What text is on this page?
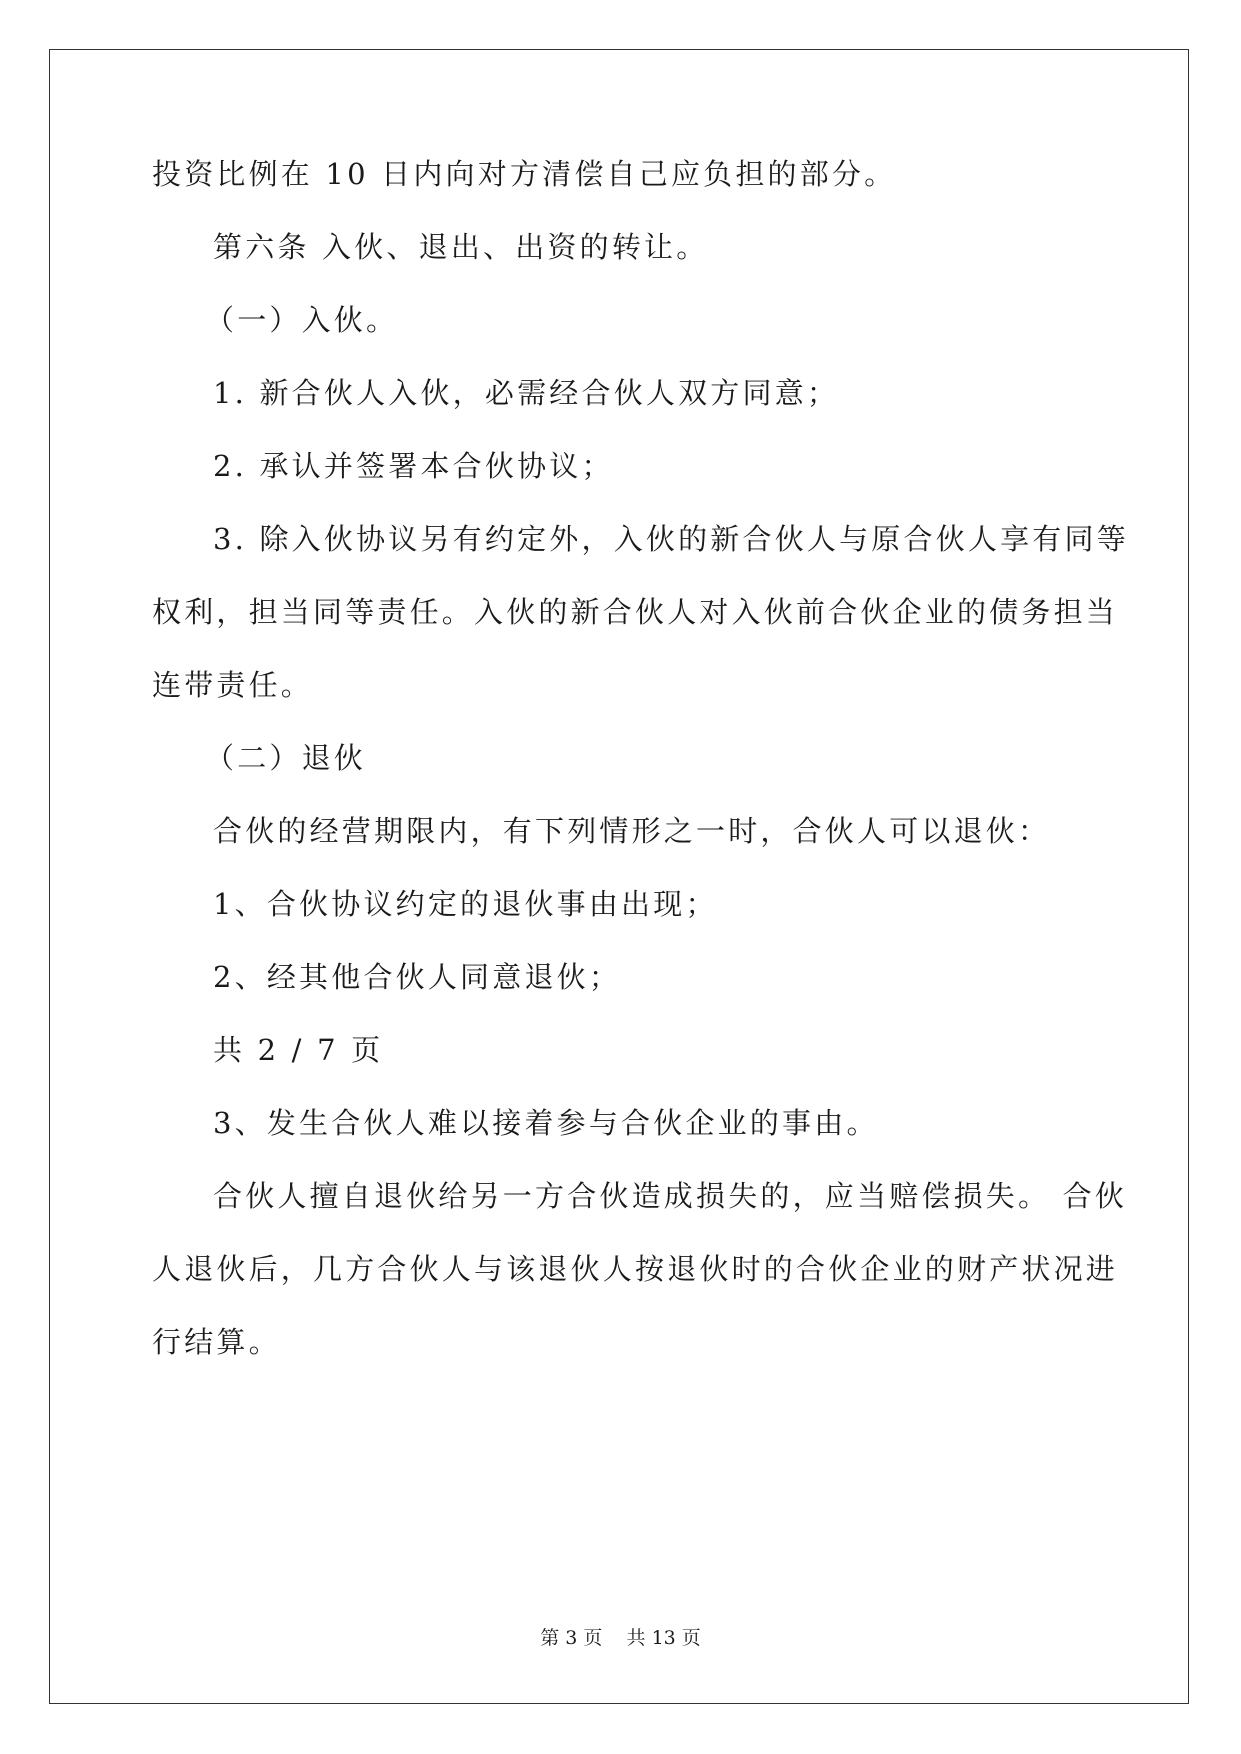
投资比例在 10 日内向对方清偿自己应负担的部分。
第六条 入伙、退出、出资的转让。
（一）入伙。
1. 新合伙人入伙，必需经合伙人双方同意；
2. 承认并签署本合伙协议；
3. 除入伙协议另有约定外，入伙的新合伙人与原合伙人享有同等
权利，担当同等责任。入伙的新合伙人对入伙前合伙企业的债务担当
连带责任。
（二）退伙
合伙的经营期限内，有下列情形之一时，合伙人可以退伙：
1、合伙协议约定的退伙事由出现；
2、经其他合伙人同意退伙；
共 2 / 7 页
3、发生合伙人难以接着参与合伙企业的事由。
合伙人擅自退伙给另一方合伙造成损失的，应当赔偿损失。 合伙
人退伙后，几方合伙人与该退伙人按退伙时的合伙企业的财产状况进
行结算。
第 3 页    共 13 页
